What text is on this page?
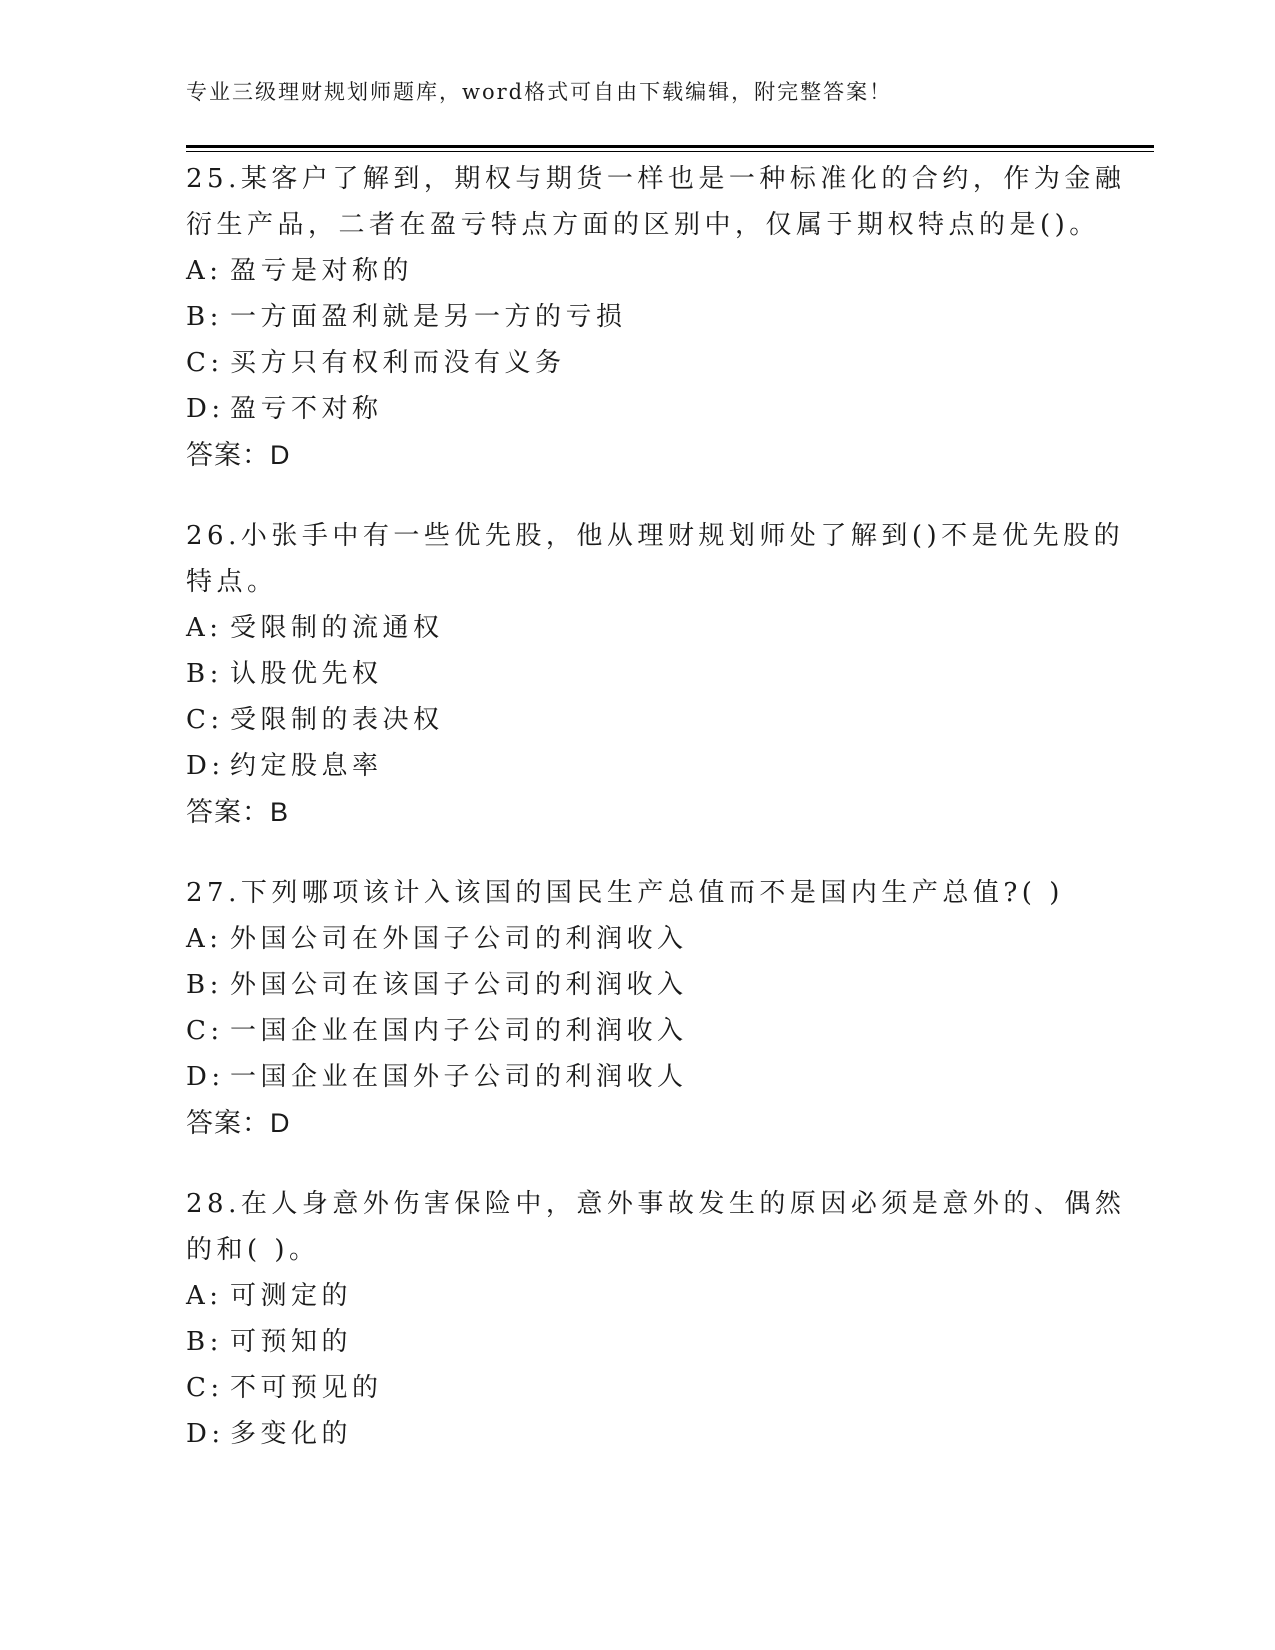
专业三级理财规划师题库，word格式可自由下载编辑，附完整答案！
25.某客户了解到，期权与期货一样也是一种标准化的合约，作为金融
衍生产品，二者在盈亏特点方面的区别中，仅属于期权特点的是()。
A: 盈亏是对称的
B: 一方面盈利就是另一方的亏损
C: 买方只有权利而没有义务
D: 盈亏不对称
答案：D
26.小张手中有一些优先股，他从理财规划师处了解到()不是优先股的
特点。
A: 受限制的流通权
B: 认股优先权
C: 受限制的表决权
D: 约定股息率
答案：B
27.下列哪项该计入该国的国民生产总值而不是国内生产总值?( )
A: 外国公司在外国子公司的利润收入
B: 外国公司在该国子公司的利润收入
C: 一国企业在国内子公司的利润收入
D: 一国企业在国外子公司的利润收人
答案：D
28.在人身意外伤害保险中，意外事故发生的原因必须是意外的、偶然
的和( )。
A: 可测定的
B: 可预知的
C: 不可预见的
D: 多变化的
